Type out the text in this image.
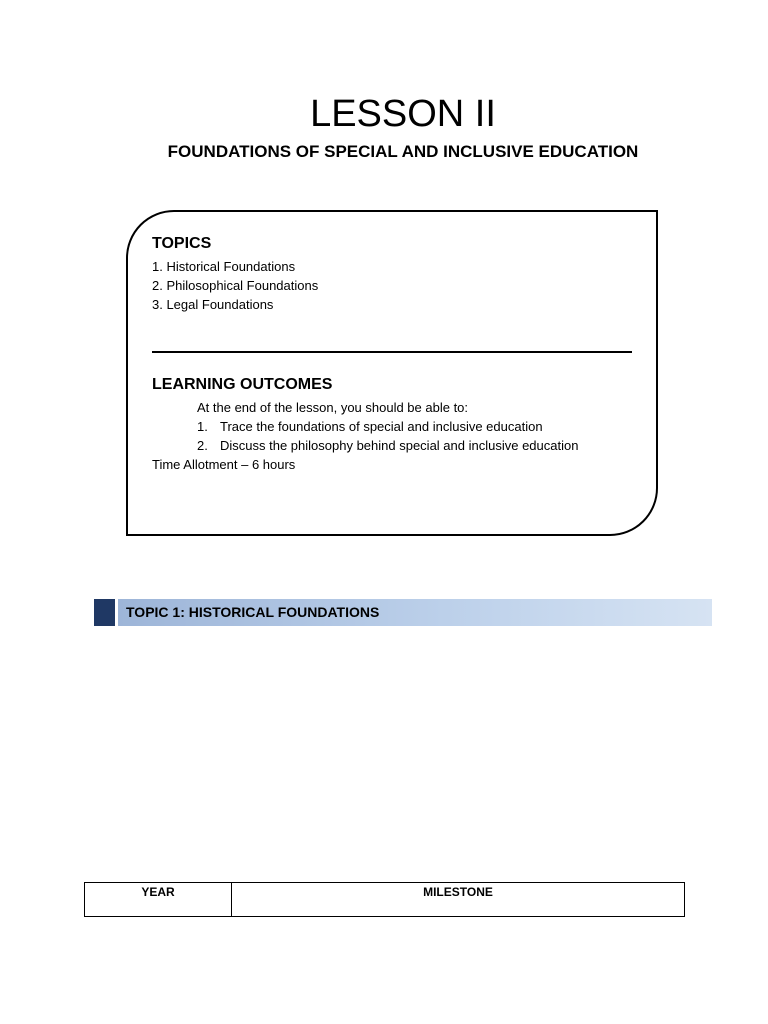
LESSON II
FOUNDATIONS OF SPECIAL AND INCLUSIVE EDUCATION
TOPICS
1. Historical Foundations
2. Philosophical Foundations
3. Legal Foundations
LEARNING OUTCOMES
At the end of the lesson, you should be able to:
1. Trace the foundations of special and inclusive education
2. Discuss the philosophy behind special and inclusive education
Time Allotment – 6 hours
TOPIC 1: HISTORICAL FOUNDATIONS
YEAR	MILESTONE
